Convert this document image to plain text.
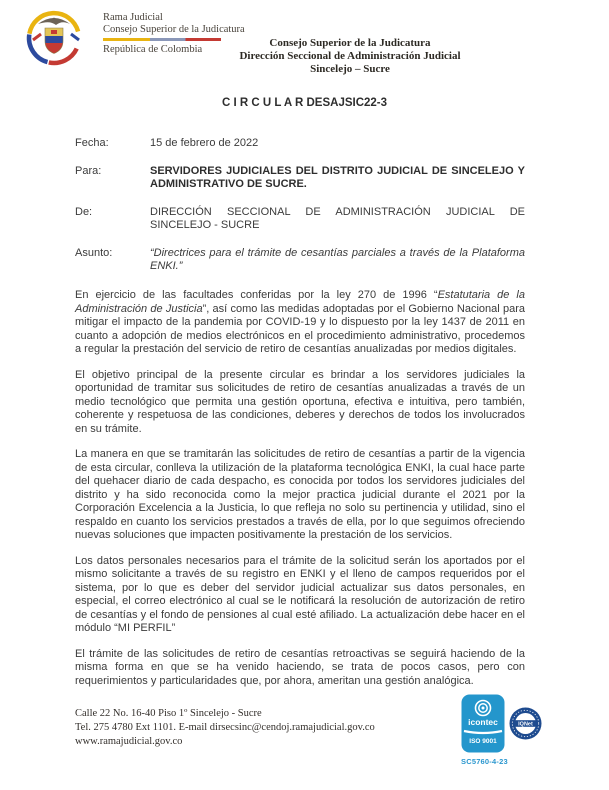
Rama Judicial
Consejo Superior de la Judicatura
República de Colombia	Consejo Superior de la Judicatura
Dirección Seccional de Administración Judicial
Sincelejo – Sucre
C I R C U L A R DESAJSIC22-3
Fecha:	15 de febrero de 2022
Para:	SERVIDORES JUDICIALES DEL DISTRITO JUDICIAL DE SINCELEJO Y ADMINISTRATIVO DE SUCRE.
De:	DIRECCIÓN SECCIONAL DE ADMINISTRACIÓN JUDICIAL DE SINCELEJO - SUCRE
Asunto:	“Directrices para el trámite de cesantías parciales a través de la Plataforma ENKI.”

En ejercicio de las facultades conferidas por la ley 270 de 1996 “Estatutaria de la Administración de Justicia”, así como las medidas adoptadas por el Gobierno Nacional para mitigar el impacto de la pandemia por COVID-19 y lo dispuesto por la ley 1437 de 2011 en cuanto a adopción de medios electrónicos en el procedimiento administrativo, procedemos a regular la prestación del servicio de retiro de cesantías anualizadas por medios digitales.

El objetivo principal de la presente circular es brindar a los servidores judiciales la oportunidad de tramitar sus solicitudes de retiro de cesantías anualizadas a través de un medio tecnológico que permita una gestión oportuna, efectiva e intuitiva, pero también, coherente y respetuosa de las condiciones, deberes y derechos de todos los involucrados en su trámite.

La manera en que se tramitarán las solicitudes de retiro de cesantías a partir de la vigencia de esta circular, conlleva la utilización de la plataforma tecnológica ENKI, la cual hace parte del quehacer diario de cada despacho, es conocida por todos los servidores judiciales del distrito y ha sido reconocida como la mejor practica judicial durante el 2021 por la Corporación Excelencia a la Justicia, lo que refleja no solo su pertinencia y utilidad, sino el respaldo en cuanto los servicios prestados a través de ella, por lo que seguimos ofreciendo nuevas soluciones que impacten positivamente la prestación de los servicios.

Los datos personales necesarios para el trámite de la solicitud serán los aportados por el mismo solicitante a través de su registro en ENKI y el lleno de campos requeridos por el sistema, por lo que es deber del servidor judicial actualizar sus datos personales, en especial, el correo electrónico al cual se le notificará la resolución de autorización de retiro de cesantías y el fondo de pensiones al cual esté afiliado. La actualización debe hacer en el módulo “MI PERFIL”

El trámite de las solicitudes de retiro de cesantías retroactivas se seguirá haciendo de la misma forma en que se ha venido haciendo, se trata de pocos casos, pero con requerimientos y particularidades que, por ahora, ameritan una gestión analógica.

Calle 22 No. 16-40 Piso 1º Sincelejo - Sucre
Tel. 275 4780 Ext 1101. E-mail dirsecsinc@cendoj.ramajudicial.gov.co
www.ramajudicial.gov.co
icontec
ISO 9001
IQNet
SC5760-4-23
